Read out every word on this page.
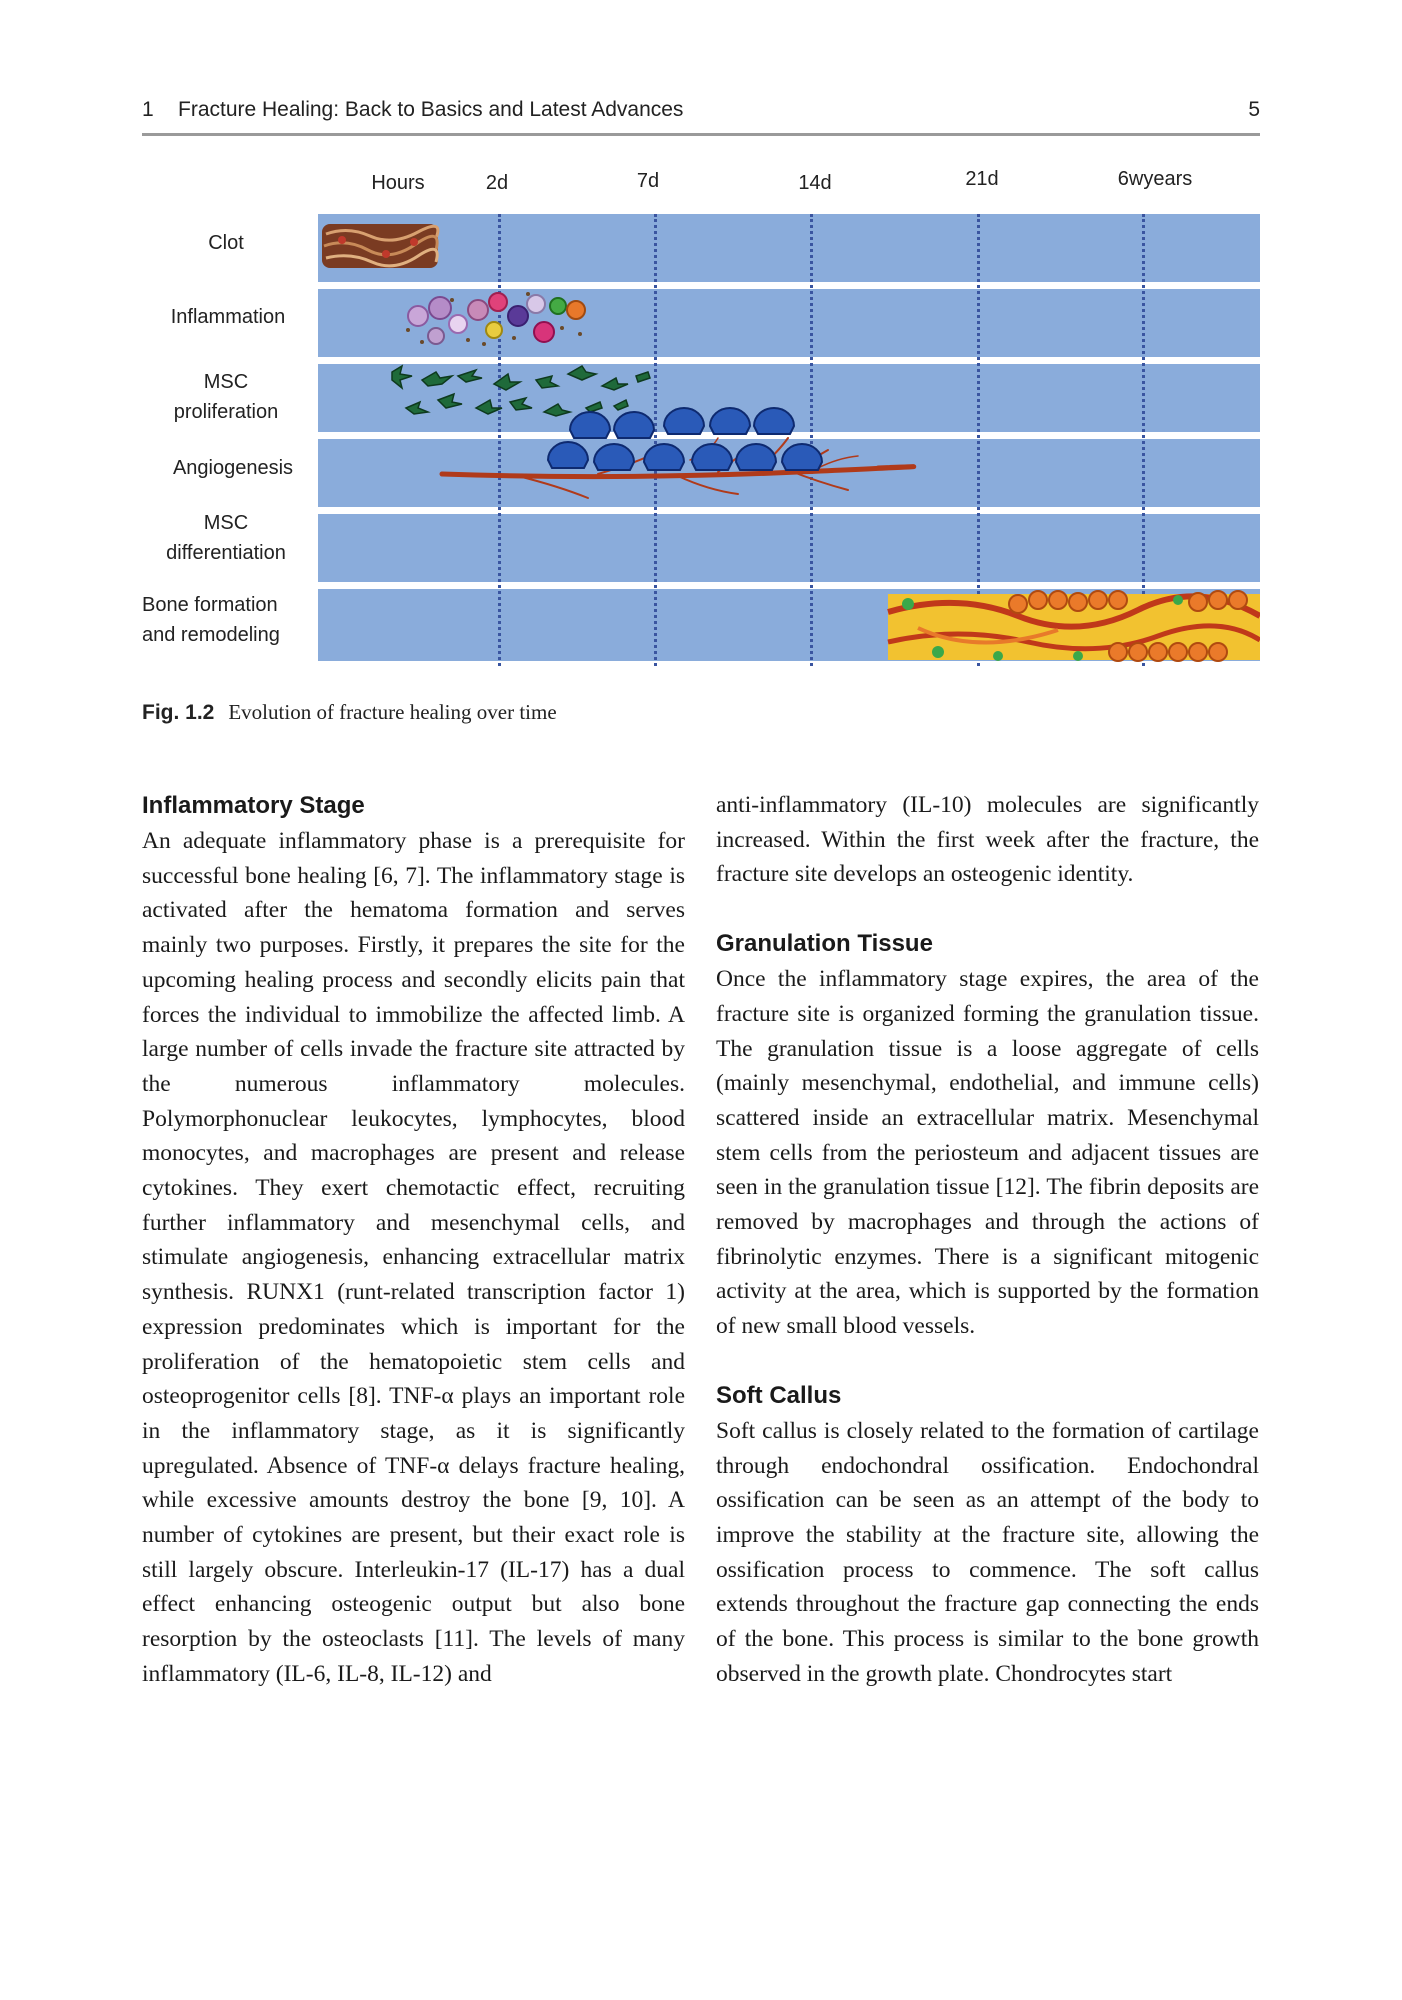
1 Fracture Healing: Back to Basics and Latest Advances	5
Hours	2d	7d	14d	21d	6wyears
Clot
Inflammation
MSC
proliferation
Angiogenesis
MSC
differentiation
Bone formation
and remodeling
Fig. 1.2 Evolution of fracture healing over time
Inflammatory Stage

An adequate inflammatory phase is a prerequisite for successful bone healing [6, 7]. The inflammatory stage is activated after the hematoma formation and serves mainly two purposes. Firstly, it prepares the site for the upcoming healing process and secondly elicits pain that forces the individual to immobilize the affected limb. A large number of cells invade the fracture site attracted by the numerous inflammatory molecules. Polymorphonuclear leukocytes, lymphocytes, blood monocytes, and macrophages are present and release cytokines. They exert chemotactic effect, recruiting further inflammatory and mesenchymal cells, and stimulate angiogenesis, enhancing extracellular matrix synthesis. RUNX1 (runt-related transcription factor 1) expression predominates which is important for the proliferation of the hematopoietic stem cells and osteoprogenitor cells [8]. TNF-α plays an important role in the inflammatory stage, as it is significantly upregulated. Absence of TNF-α delays fracture healing, while excessive amounts destroy the bone [9, 10]. A number of cytokines are present, but their exact role is still largely obscure. Interleukin-17 (IL-17) has a dual effect enhancing osteogenic output but also bone resorption by the osteoclasts [11]. The levels of many inflammatory (IL-6, IL-8, IL-12) and

anti-inflammatory (IL-10) molecules are significantly increased. Within the first week after the fracture, the fracture site develops an osteogenic identity.

Granulation Tissue

Once the inflammatory stage expires, the area of the fracture site is organized forming the granulation tissue. The granulation tissue is a loose aggregate of cells (mainly mesenchymal, endothelial, and immune cells) scattered inside an extracellular matrix. Mesenchymal stem cells from the periosteum and adjacent tissues are seen in the granulation tissue [12]. The fibrin deposits are removed by macrophages and through the actions of fibrinolytic enzymes. There is a significant mitogenic activity at the area, which is supported by the formation of new small blood vessels.

Soft Callus

Soft callus is closely related to the formation of cartilage through endochondral ossification. Endochondral ossification can be seen as an attempt of the body to improve the stability at the fracture site, allowing the ossification process to commence. The soft callus extends throughout the fracture gap connecting the ends of the bone. This process is similar to the bone growth observed in the growth plate. Chondrocytes start
